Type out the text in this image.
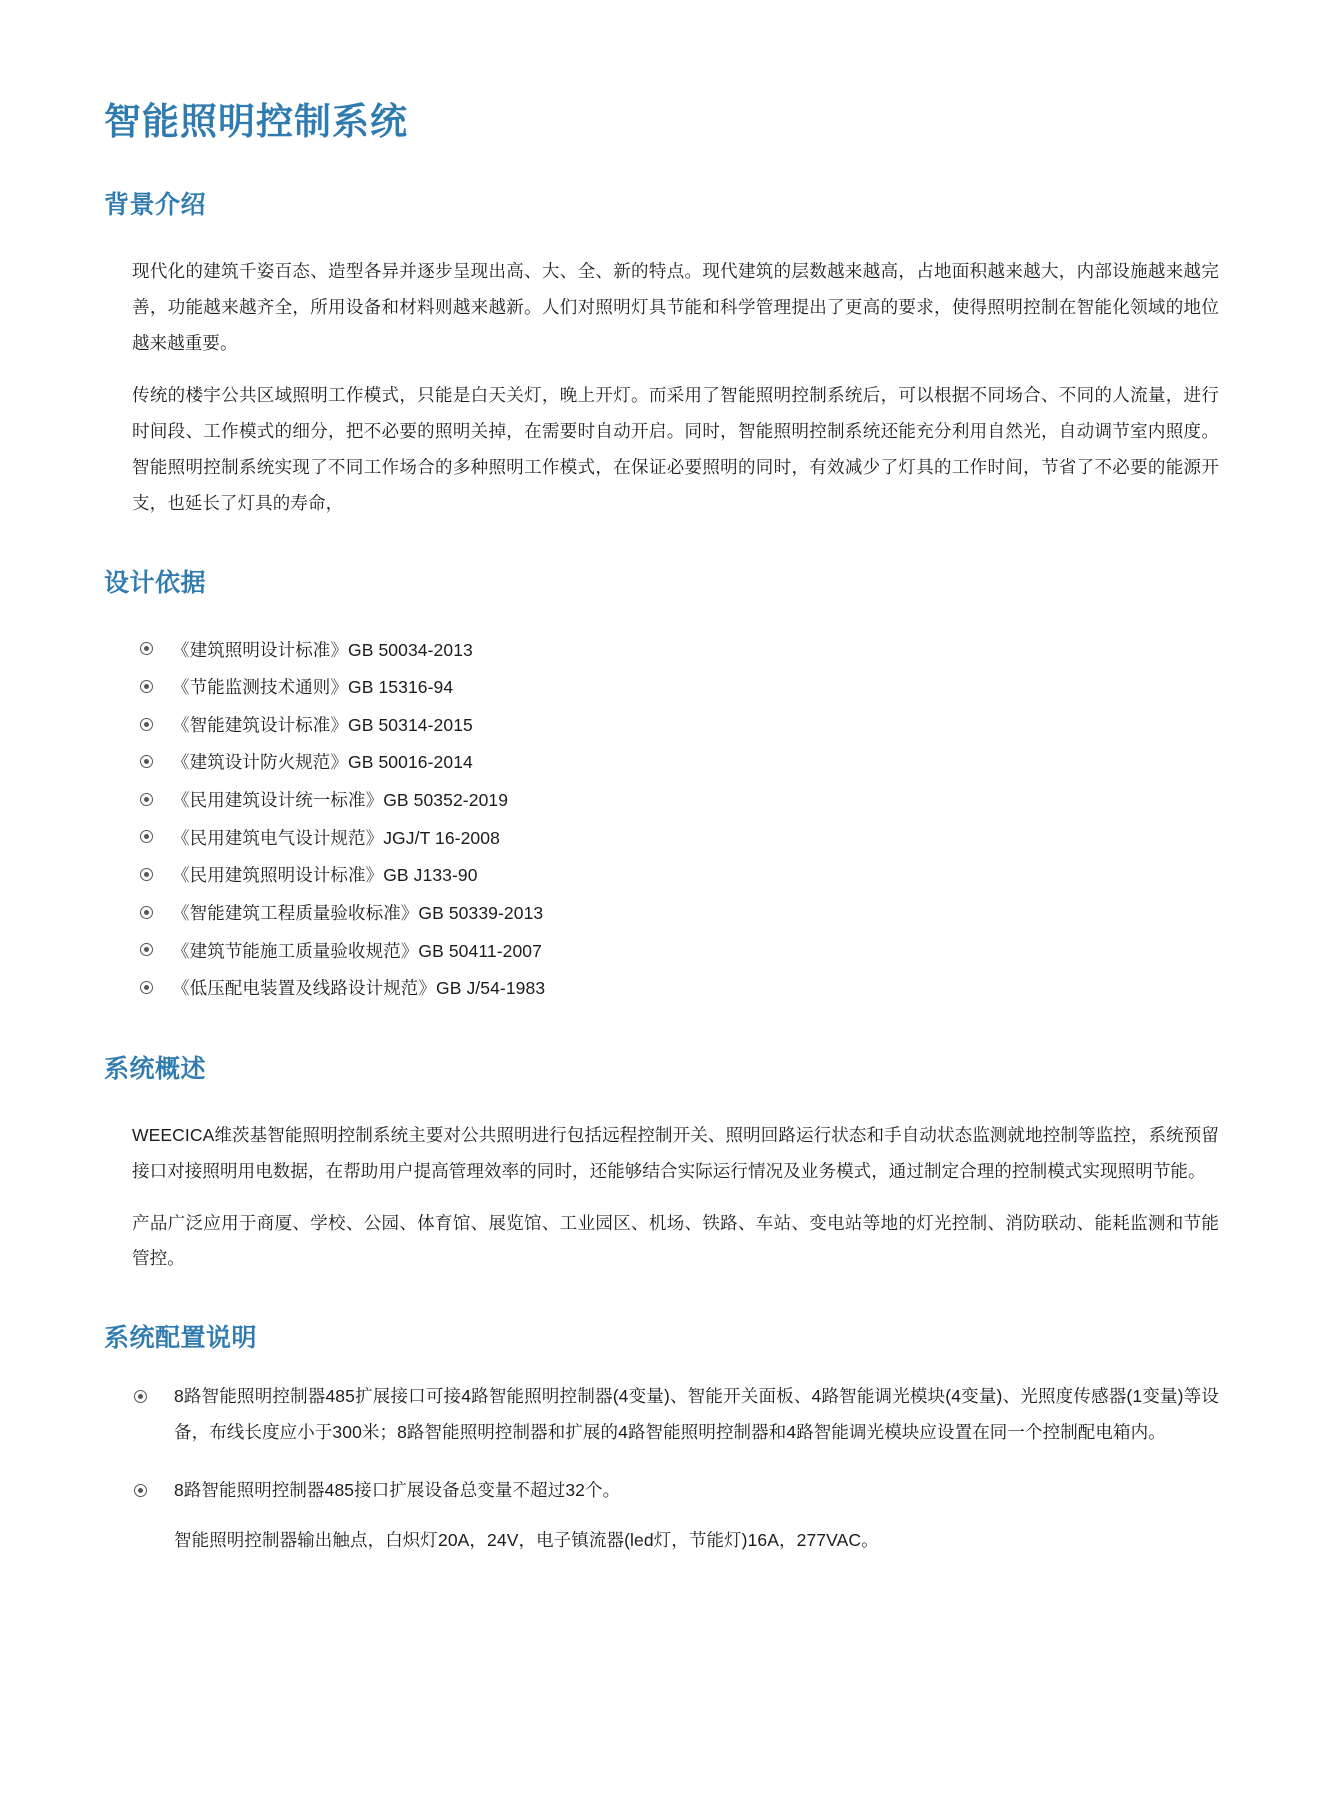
智能照明控制系统
背景介绍

现代化的建筑千姿百态、造型各异并逐步呈现出高、大、全、新的特点。现代建筑的层数越来越高，占地面积越来越大，内部设施越来越完善，功能越来越齐全，所用设备和材料则越来越新。人们对照明灯具节能和科学管理提出了更高的要求，使得照明控制在智能化领域的地位越来越重要。

传统的楼宇公共区域照明工作模式，只能是白天关灯，晚上开灯。而采用了智能照明控制系统后，可以根据不同场合、不同的人流量，进行时间段、工作模式的细分，把不必要的照明关掉，在需要时自动开启。同时，智能照明控制系统还能充分利用自然光，自动调节室内照度。智能照明控制系统实现了不同工作场合的多种照明工作模式，在保证必要照明的同时，有效减少了灯具的工作时间，节省了不必要的能源开支，也延长了灯具的寿命，

设计依据
《建筑照明设计标准》GB 50034-2013
《节能监测技术通则》GB 15316-94
《智能建筑设计标准》GB 50314-2015
《建筑设计防火规范》GB 50016-2014
《民用建筑设计统一标准》GB 50352-2019
《民用建筑电气设计规范》JGJ/T 16-2008
《民用建筑照明设计标准》GB J133-90
《智能建筑工程质量验收标准》GB 50339-2013
《建筑节能施工质量验收规范》GB 50411-2007
《低压配电装置及线路设计规范》GB J/54-1983
系统概述

WEECICA维茨基智能照明控制系统主要对公共照明进行包括远程控制开关、照明回路运行状态和手自动状态监测就地控制等监控，系统预留接口对接照明用电数据，在帮助用户提高管理效率的同时，还能够结合实际运行情况及业务模式，通过制定合理的控制模式实现照明节能。

产品广泛应用于商厦、学校、公园、体育馆、展览馆、工业园区、机场、铁路、车站、变电站等地的灯光控制、消防联动、能耗监测和节能管控。

系统配置说明
8路智能照明控制器485扩展接口可接4路智能照明控制器(4变量)、智能开关面板、4路智能调光模块(4变量)、光照度传感器(1变量)等设备，布线长度应小于300米；8路智能照明控制器和扩展的4路智能照明控制器和4路智能调光模块应设置在同一个控制配电箱内。
8路智能照明控制器485接口扩展设备总变量不超过32个。

智能照明控制器输出触点，白炽灯20A，24V，电子镇流器(led灯，节能灯)16A，277VAC。
